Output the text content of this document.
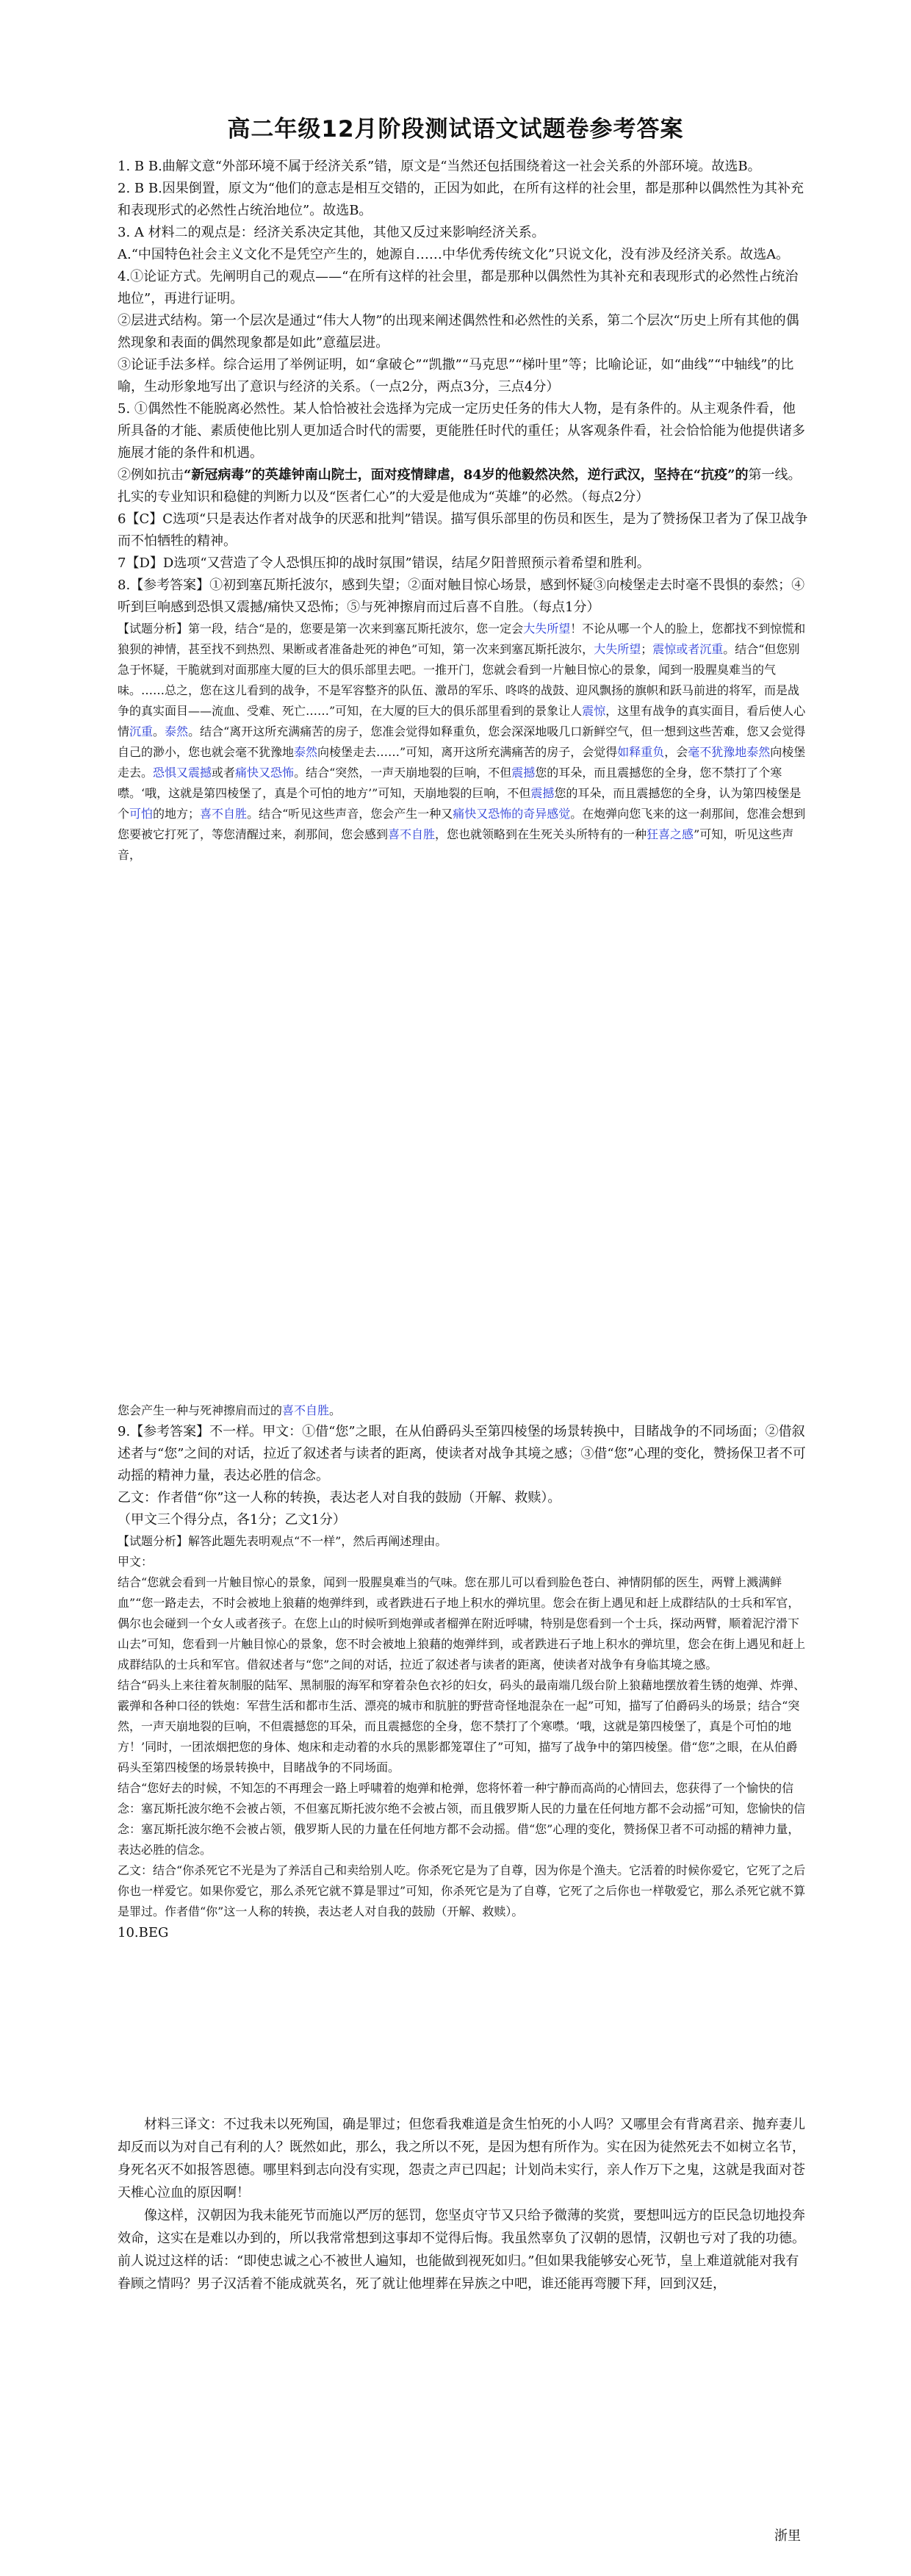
高二年级12月阶段测试语文试题卷参考答案

1. B B.曲解文意“外部环境不属于经济关系”错，原文是“当然还包括围绕着这一社会关系的外部环境。故选B。

2. B B.因果倒置，原文为“他们的意志是相互交错的，正因为如此，在所有这样的社会里，都是那种以偶然性为其补充和表现形式的必然性占统治地位”。故选B。

3. A 材料二的观点是：经济关系决定其他，其他又反过来影响经济关系。

A.“中国特色社会主义文化不是凭空产生的，她源自……中华优秀传统文化”只说文化，没有涉及经济关系。故选A。

4.①论证方式。先阐明自己的观点——“在所有这样的社会里，都是那种以偶然性为其补充和表现形式的必然性占统治地位”，再进行证明。

②层进式结构。第一个层次是通过“伟大人物”的出现来阐述偶然性和必然性的关系，第二个层次“历史上所有其他的偶然现象和表面的偶然现象都是如此”意蕴层进。

③论证手法多样。综合运用了举例证明，如“拿破仑”“凯撒”“马克思”“梯叶里”等；比喻论证，如“曲线”“中轴线”的比喻，生动形象地写出了意识与经济的关系。（一点2分，两点3分，三点4分）

5. ①偶然性不能脱离必然性。某人恰恰被社会选择为完成一定历史任务的伟大人物，是有条件的。从主观条件看，他所具备的才能、素质使他比别人更加适合时代的需要，更能胜任时代的重任；从客观条件看，社会恰恰能为他提供诸多施展才能的条件和机遇。

②例如抗击“新冠病毒”的英雄钟南山院士，面对疫情肆虐，84岁的他毅然决然，逆行武汉，坚持在“抗疫”的第一线。扎实的专业知识和稳健的判断力以及“医者仁心”的大爱是他成为“英雄”的必然。（每点2分）

6【C】C选项“只是表达作者对战争的厌恶和批判”错误。描写俱乐部里的伤员和医生，是为了赞扬保卫者为了保卫战争而不怕牺牲的精神。

7【D】D选项“又营造了令人恐惧压抑的战时氛围”错误，结尾夕阳普照预示着希望和胜利。

8.【参考答案】①初到塞瓦斯托波尔，感到失望；②面对触目惊心场景，感到怀疑③向棱堡走去时毫不畏惧的泰然；④听到巨响感到恐惧又震撼/痛快又恐怖；⑤与死神擦肩而过后喜不自胜。（每点1分）

【试题分析】第一段，结合“是的，您要是第一次来到塞瓦斯托波尔，您一定会大失所望！不论从哪一个人的脸上，您都找不到惊慌和狼狈的神情，甚至找不到热烈、果断或者准备赴死的神色”可知，第一次来到塞瓦斯托波尔，大失所望；震惊或者沉重。结合“但您别急于怀疑，干脆就到对面那座大厦的巨大的俱乐部里去吧。一推开门，您就会看到一片触目惊心的景象，闻到一股腥臭难当的气味。……总之，您在这儿看到的战争，不是军容整齐的队伍、激昂的军乐、咚咚的战鼓、迎风飘扬的旗帜和跃马前进的将军，而是战争的真实面目——流血、受难、死亡……”可知，在大厦的巨大的俱乐部里看到的景象让人震惊，这里有战争的真实面目，看后使人心情沉重。泰然。结合“离开这所充满痛苦的房子，您准会觉得如释重负，您会深深地吸几口新鲜空气，但一想到这些苦难，您又会觉得自己的渺小，您也就会毫不犹豫地泰然向棱堡走去……”可知，离开这所充满痛苦的房子，会觉得如释重负，会毫不犹豫地泰然向棱堡走去。恐惧又震撼或者痛快又恐怖。结合“突然，一声天崩地裂的巨响，不但震撼您的耳朵，而且震撼您的全身，您不禁打了个寒噤。‘哦，这就是第四棱堡了，真是个可怕的地方’”可知，天崩地裂的巨响，不但震撼您的耳朵，而且震撼您的全身，认为第四棱堡是个可怕的地方；喜不自胜。结合“听见这些声音，您会产生一种又痛快又恐怖的奇异感觉。在炮弹向您飞来的这一刹那间，您准会想到您要被它打死了，等您清醒过来，刹那间，您会感到喜不自胜，您也就领略到在生死关头所特有的一种狂喜之感”可知，听见这些声音，

您会产生一种与死神擦肩而过的喜不自胜。

9.【参考答案】不一样。甲文：①借“您”之眼，在从伯爵码头至第四棱堡的场景转换中，目睹战争的不同场面；②借叙述者与“您”之间的对话，拉近了叙述者与读者的距离，使读者对战争其境之感；③借“您”心理的变化，赞扬保卫者不可动摇的精神力量，表达必胜的信念。

乙文：作者借“你”这一人称的转换，表达老人对自我的鼓励（开解、救赎）。

（甲文三个得分点，各1分；乙文1分）

【试题分析】解答此题先表明观点“不一样”，然后再阐述理由。

甲文：

结合“您就会看到一片触目惊心的景象，闻到一股腥臭难当的气味。您在那儿可以看到脸色苍白、神情阴郁的医生，两臂上溅满鲜血”“您一路走去，不时会被地上狼藉的炮弹绊到，或者跌进石子地上积水的弹坑里。您会在街上遇见和赶上成群结队的士兵和军官，偶尔也会碰到一个女人或者孩子。在您上山的时候听到炮弹或者榴弹在附近呼啸，特别是您看到一个士兵，探动两臂，顺着泥泞滑下山去”可知，您看到一片触目惊心的景象，您不时会被地上狼藉的炮弹绊到，或者跌进石子地上积水的弹坑里，您会在街上遇见和赶上成群结队的士兵和军官。借叙述者与“您”之间的对话，拉近了叙述者与读者的距离，使读者对战争有身临其境之感。

结合“码头上来往着灰制服的陆军、黑制服的海军和穿着杂色衣衫的妇女，码头的最南端几级台阶上狼藉地摆放着生锈的炮弹、炸弹、霰弹和各种口径的铁炮：军营生活和都市生活、漂亮的城市和肮脏的野营奇怪地混杂在一起”可知，描写了伯爵码头的场景；结合“突然，一声天崩地裂的巨响，不但震撼您的耳朵，而且震撼您的全身，您不禁打了个寒噤。‘哦，这就是第四棱堡了，真是个可怕的地方！’同时，一团浓烟把您的身体、炮床和走动着的水兵的黑影都笼罩住了”可知，描写了战争中的第四棱堡。借“您”之眼，在从伯爵码头至第四棱堡的场景转换中，目睹战争的不同场面。

结合“您好去的时候，不知怎的不再理会一路上呼啸着的炮弹和枪弹，您将怀着一种宁静而高尚的心情回去，您获得了一个愉快的信念：塞瓦斯托波尔绝不会被占领，不但塞瓦斯托波尔绝不会被占领，而且俄罗斯人民的力量在任何地方都不会动摇”可知，您愉快的信念：塞瓦斯托波尔绝不会被占领，俄罗斯人民的力量在任何地方都不会动摇。借“您”心理的变化，赞扬保卫者不可动摇的精神力量，表达必胜的信念。

乙文：结合“你杀死它不光是为了养活自己和卖给别人吃。你杀死它是为了自尊，因为你是个渔夫。它活着的时候你爱它，它死了之后你也一样爱它。如果你爱它，那么杀死它就不算是罪过”可知，你杀死它是为了自尊，它死了之后你也一样敬爱它，那么杀死它就不算是罪过。作者借“你”这一人称的转换，表达老人对自我的鼓励（开解、救赎）。

10.BEG

材料三译文：不过我未以死殉国，确是罪过；但您看我难道是贪生怕死的小人吗？又哪里会有背离君亲、抛弃妻儿却反而以为对自己有利的人？既然如此，那么，我之所以不死，是因为想有所作为。实在因为徒然死去不如树立名节，身死名灭不如报答恩德。哪里料到志向没有实现，怨责之声已四起；计划尚未实行，亲人作万下之鬼，这就是我面对苍天椎心泣血的原因啊！

像这样，汉朝因为我未能死节而施以严厉的惩罚，您坚贞守节又只给予微薄的奖赏，要想叫远方的臣民急切地投奔效命，这实在是难以办到的，所以我常常想到这事却不觉得后悔。我虽然辜负了汉朝的恩情，汉朝也亏对了我的功德。前人说过这样的话：“即使忠诚之心不被世人遍知，也能做到视死如归。”但如果我能够安心死节，皇上难道就能对我有眷顾之情吗？男子汉活着不能成就英名，死了就让他埋葬在异族之中吧，谁还能再弯腰下拜，回到汉廷，

浙里
